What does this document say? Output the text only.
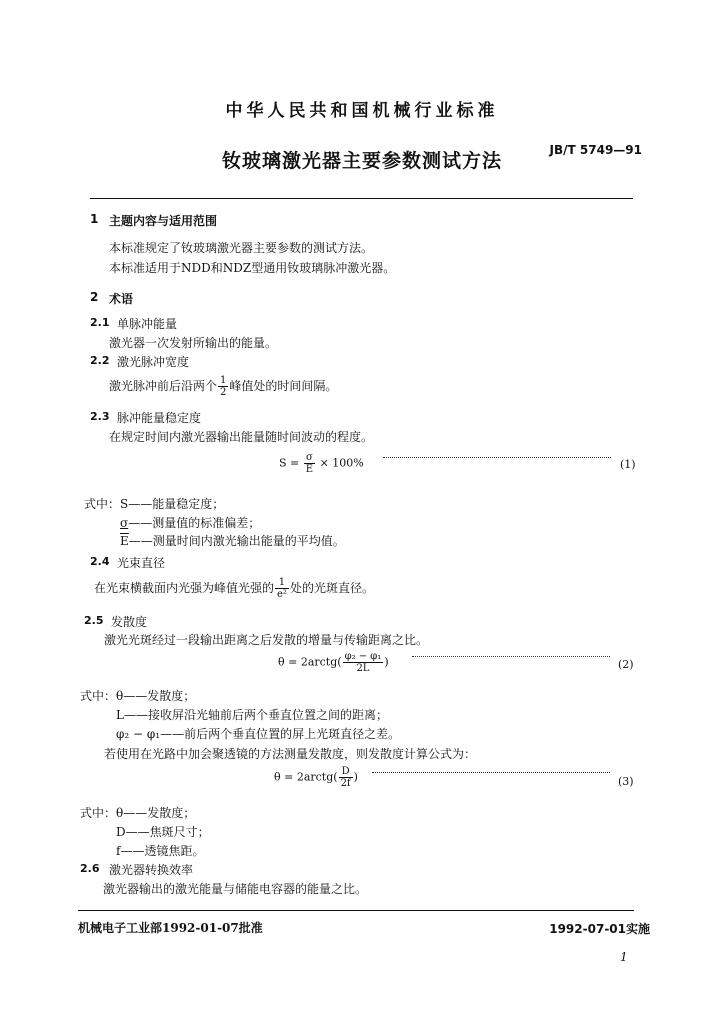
中华人民共和国机械行业标准
JB/T 5749—91
钕玻璃激光器主要参数测试方法
1 主题内容与适用范围
本标准规定了钕玻璃激光器主要参数的测试方法。
本标准适用于NDD和NDZ型通用钕玻璃脉冲激光器。
2 术语
2.1 单脉冲能量
激光器一次发射所输出的能量。
2.2 激光脉冲宽度
激光脉冲前后沿两个 $\frac{1}{2}$ 峰值处的时间间隔。
2.3 脉冲能量稳定度
在规定时间内激光器输出能量随时间波动的程度。
$S = \frac{\sigma}{E} \times 100\%$	(1)
式中： S——能量稳定度；
σ——测量值的标准偏差；
$\overline{E}——$测量时间内激光输出能量的平均值。
2.4 光束直径
在光束横截面内光强为峰值光强的 $\frac{1}{\text{e²}}$ 处的光斑直径。
2.5 发散度
激光光斑经过一段输出距离之后发散的增量与传输距离之比。
θ = 2arctg( $\frac{\text{φ₂ − φ₁}}{2L}$ )	(2)
式中： θ——发散度；
L——接收屏沿光轴前后两个垂直位置之间的距离；
φ₂ − φ₁——前后两个垂直位置的屏上光斑直径之差。
若使用在光路中加会聚透镜的方法测量发散度，则发散度计算公式为：
θ = 2arctg( $\frac{D}{2f}$ )	(3)
式中： θ——发散度；
D——焦斑尺寸；
f——透镜焦距。
2.6 激光器转换效率
激光器输出的激光能量与储能电容器的能量之比。
机械电子工业部1992-01-07批准	1992-07-01实施
1
